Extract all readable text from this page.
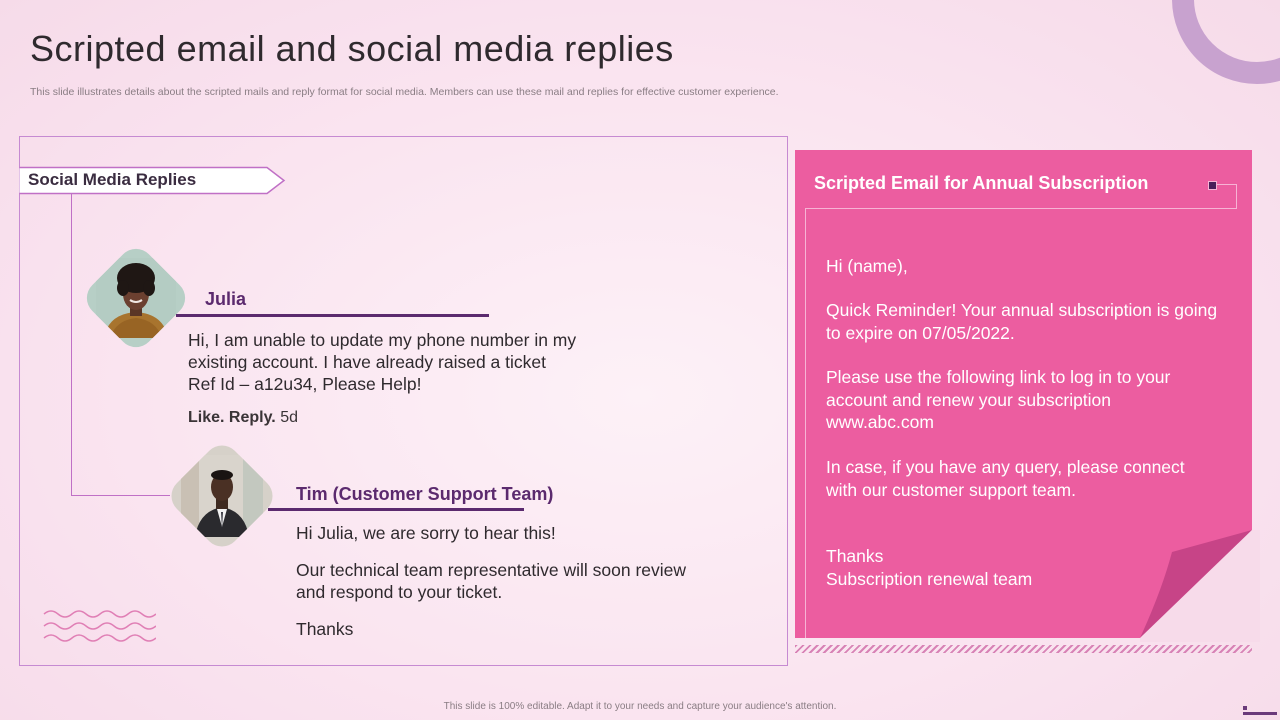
Scripted email and social media replies
This slide illustrates details about the scripted mails and reply format for social media. Members can use these mail and replies for effective customer experience.
Social Media Replies
Julia
Hi, I am unable to update my phone number in my
existing account. I have already raised a ticket
Ref Id – a12u34, Please Help!
Like. Reply. 5d
Tim (Customer Support Team)
Hi Julia, we are sorry to hear this!
Our technical team representative will soon review
and respond to your ticket.
Thanks
Scripted Email for Annual Subscription
Hi (name),
Quick Reminder! Your annual subscription is going
to expire on 07/05/2022.
Please use the following link to log in to your
account and renew your subscription
www.abc.com
In case, if you have any query, please connect
with our customer support team.
Thanks
Subscription renewal team
This slide is 100% editable. Adapt it to your needs and capture your audience's attention.
